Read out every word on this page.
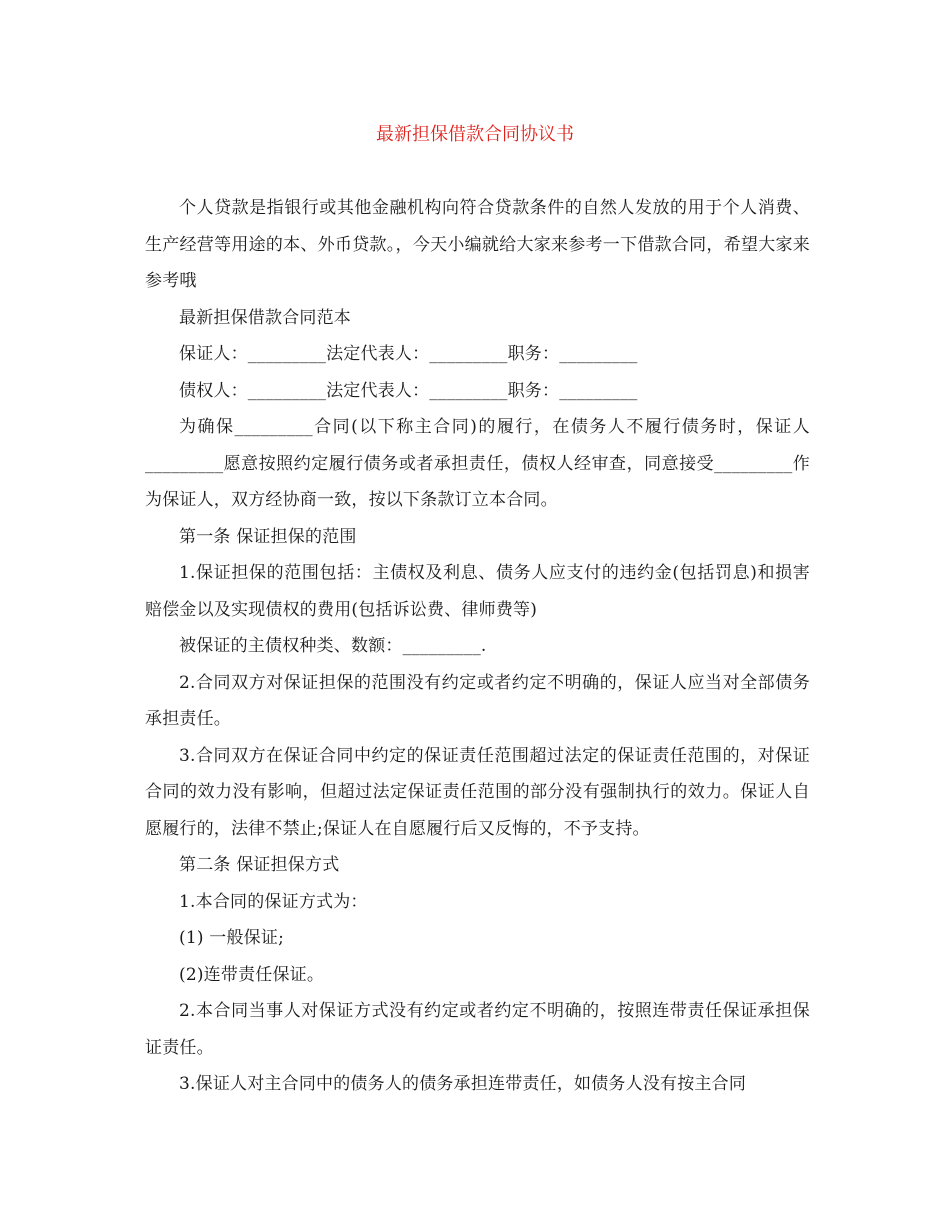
最新担保借款合同协议书

个人贷款是指银行或其他金融机构向符合贷款条件的自然人发放的用于个人消费、生产经营等用途的本、外币贷款。，今天小编就给大家来参考一下借款合同，希望大家来参考哦

最新担保借款合同范本

保证人：_________法定代表人：_________职务：_________

债权人：_________法定代表人：_________职务：_________

为确保_________合同(以下称主合同)的履行，在债务人不履行债务时，保证人_________愿意按照约定履行债务或者承担责任，债权人经审查，同意接受_________作为保证人，双方经协商一致，按以下条款订立本合同。

第一条 保证担保的范围

1.保证担保的范围包括：主债权及利息、债务人应支付的违约金(包括罚息)和损害赔偿金以及实现债权的费用(包括诉讼费、律师费等)

被保证的主债权种类、数额：_________.

2.合同双方对保证担保的范围没有约定或者约定不明确的，保证人应当对全部债务承担责任。

3.合同双方在保证合同中约定的保证责任范围超过法定的保证责任范围的，对保证合同的效力没有影响，但超过法定保证责任范围的部分没有强制执行的效力。保证人自愿履行的，法律不禁止;保证人在自愿履行后又反悔的，不予支持。

第二条 保证担保方式

1.本合同的保证方式为：

(1) 一般保证;

(2)连带责任保证。

2.本合同当事人对保证方式没有约定或者约定不明确的，按照连带责任保证承担保证责任。

3.保证人对主合同中的债务人的债务承担连带责任，如债务人没有按主合同
